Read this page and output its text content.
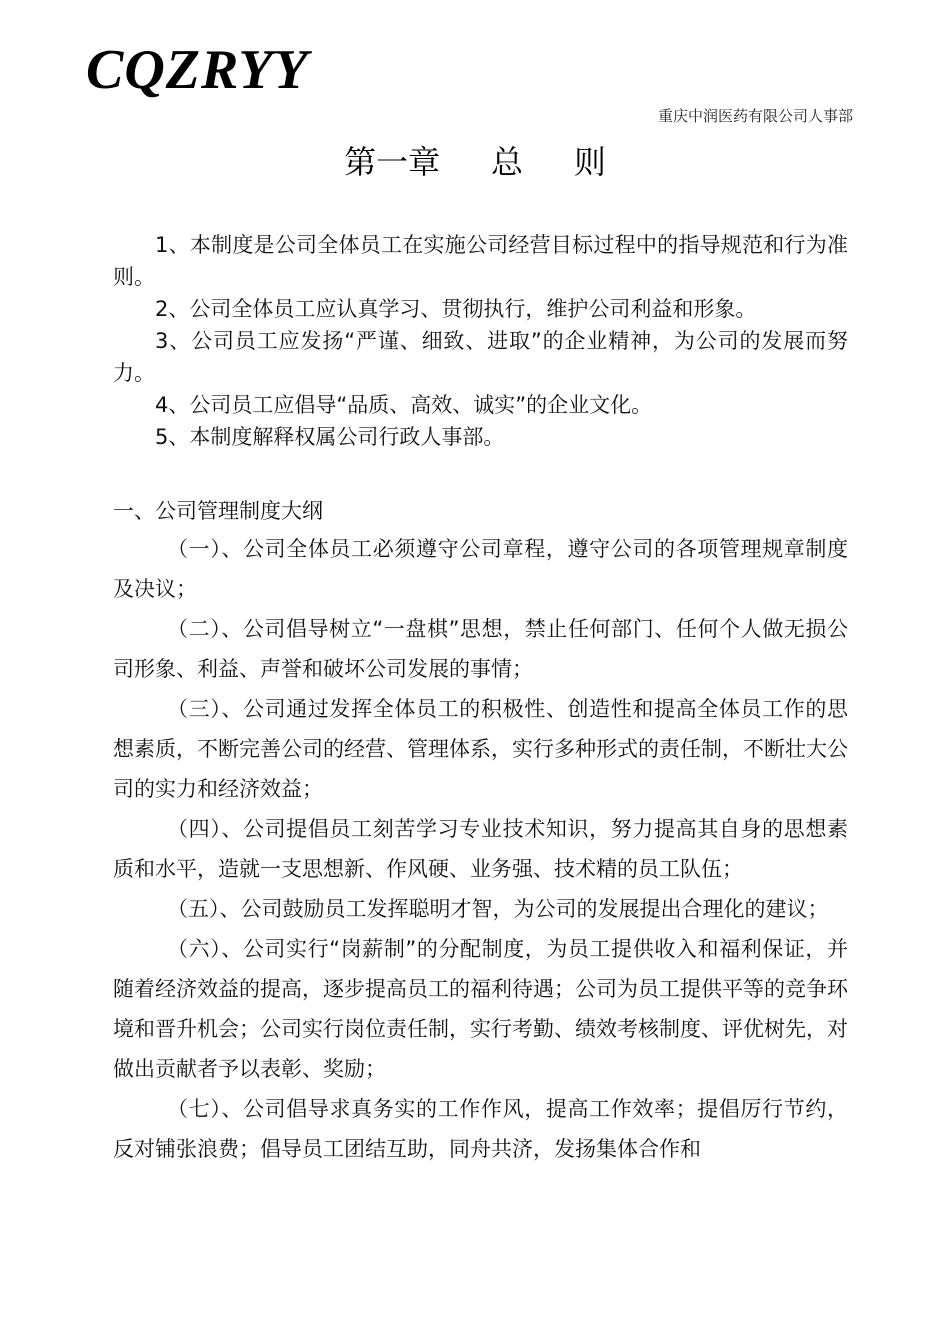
CQZRYY
重庆中润医药有限公司人事部
第一章     总     则

1、本制度是公司全体员工在实施公司经营目标过程中的指导规范和行为准则。

2、公司全体员工应认真学习、贯彻执行，维护公司利益和形象。

3、公司员工应发扬“严谨、细致、进取”的企业精神，为公司的发展而努力。

4、公司员工应倡导“品质、高效、诚实”的企业文化。

5、本制度解释权属公司行政人事部。

一、公司管理制度大纲

（一）、公司全体员工必须遵守公司章程，遵守公司的各项管理规章制度及决议；

（二）、公司倡导树立“一盘棋”思想，禁止任何部门、任何个人做无损公司形象、利益、声誉和破坏公司发展的事情；

（三）、公司通过发挥全体员工的积极性、创造性和提高全体员工作的思想素质，不断完善公司的经营、管理体系，实行多种形式的责任制，不断壮大公司的实力和经济效益；

（四）、公司提倡员工刻苦学习专业技术知识，努力提高其自身的思想素质和水平，造就一支思想新、作风硬、业务强、技术精的员工队伍；

（五）、公司鼓励员工发挥聪明才智，为公司的发展提出合理化的建议；

（六）、公司实行“岗薪制”的分配制度，为员工提供收入和福利保证，并随着经济效益的提高，逐步提高员工的福利待遇；公司为员工提供平等的竞争环境和晋升机会；公司实行岗位责任制，实行考勤、绩效考核制度、评优树先，对做出贡献者予以表彰、奖励；

（七）、公司倡导求真务实的工作作风，提高工作效率；提倡厉行节约，反对铺张浪费；倡导员工团结互助，同舟共济，发扬集体合作和
